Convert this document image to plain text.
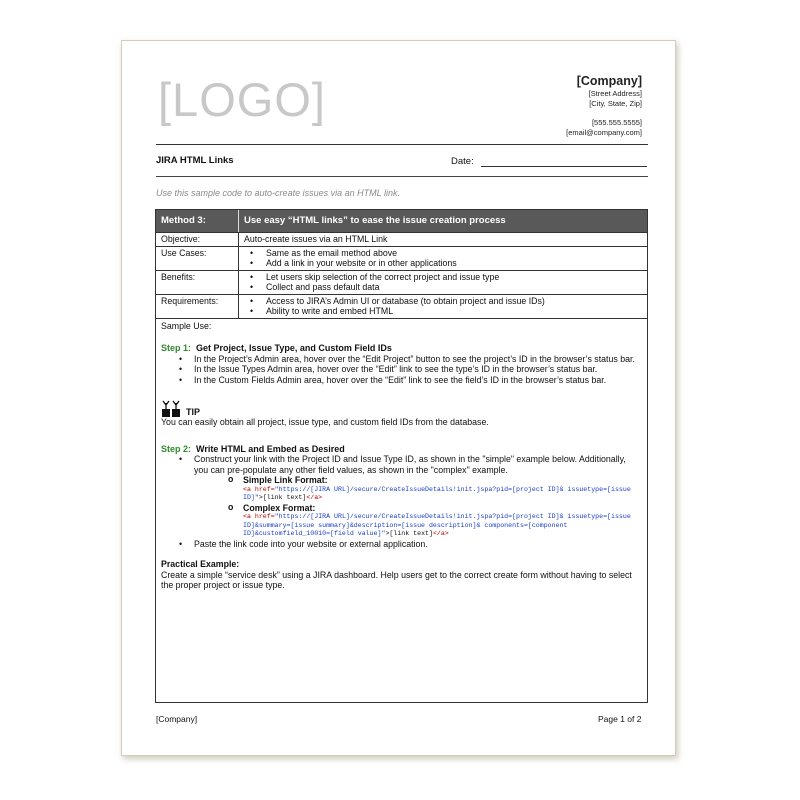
[LOGO]	[Company]
[Street Address]
[City, State, Zip]
[555.555.5555]
[email@company.com]
JIRA HTML Links	Date:
Use this sample code to auto-create issues via an HTML link.
Method 3:	Use easy “HTML links” to ease the issue creation process
Objective:	Auto-create issues via an HTML Link
Use Cases:	• Same as the email method above
• Add a link in your website or in other applications
Benefits:	• Let users skip selection of the correct project and issue type
• Collect and pass default data
Requirements:	• Access to JIRA’s Admin UI or database (to obtain project and issue IDs)
• Ability to write and embed HTML
Sample Use:
Step 1: Get Project, Issue Type, and Custom Field IDs
• In the Project’s Admin area, hover over the “Edit Project” button to see the project’s ID in the browser’s status bar.
• In the Issue Types Admin area, hover over the “Edit” link to see the type’s ID in the browser’s status bar.
• In the Custom Fields Admin area, hover over the “Edit” link to see the field’s ID in the browser’s status bar.
TIP
You can easily obtain all project, issue type, and custom field IDs from the database.
Step 2: Write HTML and Embed as Desired
• Construct your link with the Project ID and Issue Type ID, as shown in the "simple" example below. Additionally, you can pre-populate any other field values, as shown in the "complex" example.
o Simple Link Format:
<a href="https://[JIRA URL]/secure/CreateIssueDetails!init.jspa?pid=[project ID]& issuetype=[issue ID]">[link text]</a>
o Complex Format:
<a href="https://[JIRA URL]/secure/CreateIssueDetails!init.jspa?pid=[project ID]& issuetype=[issue ID]&summary=[issue summary]&description=[issue description]& components=[component ID]&customfield_10010=[field value]">[link text]</a>
• Paste the link code into your website or external application.
Practical Example:
Create a simple “service desk” using a JIRA dashboard. Help users get to the correct create form without having to select the proper project or issue type.
[Company]	Page 1 of 2
